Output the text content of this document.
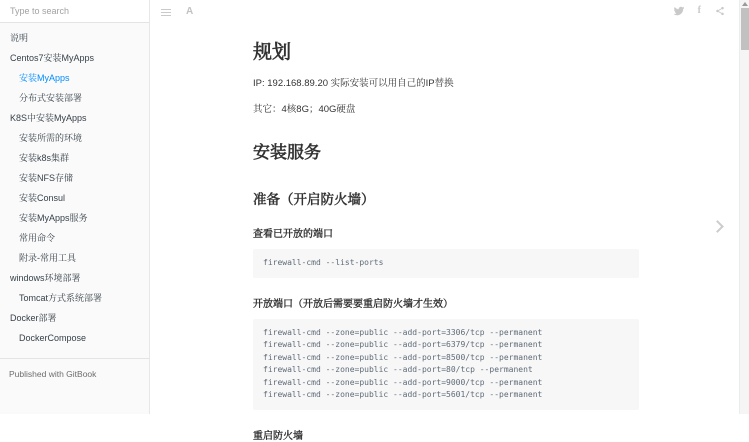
Type to search
说明
Centos7安装MyApps
安装MyApps
分布式安装部署
K8S中安装MyApps
安装所需的环境
安装k8s集群
安装NFS存储
安装Consul
安装MyApps服务
常用命令
附录-常用工具
windows环境部署
Tomcat方式系统部署
Docker部署
DockerCompose
Published with GitBook
A	f
规划

IP: 192.168.89.20 实际安装可以用自己的IP替换

其它：4核8G；40G硬盘

安装服务
准备（开启防火墙）
查看已开放的端口
firewall-cmd --list-ports
开放端口（开放后需要要重启防火墙才生效）
firewall-cmd --zone=public --add-port=3306/tcp --permanent
firewall-cmd --zone=public --add-port=6379/tcp --permanent
firewall-cmd --zone=public --add-port=8500/tcp --permanent
firewall-cmd --zone=public --add-port=80/tcp --permanent
firewall-cmd --zone=public --add-port=9000/tcp --permanent
firewall-cmd --zone=public --add-port=5601/tcp --permanent
重启防火墙
